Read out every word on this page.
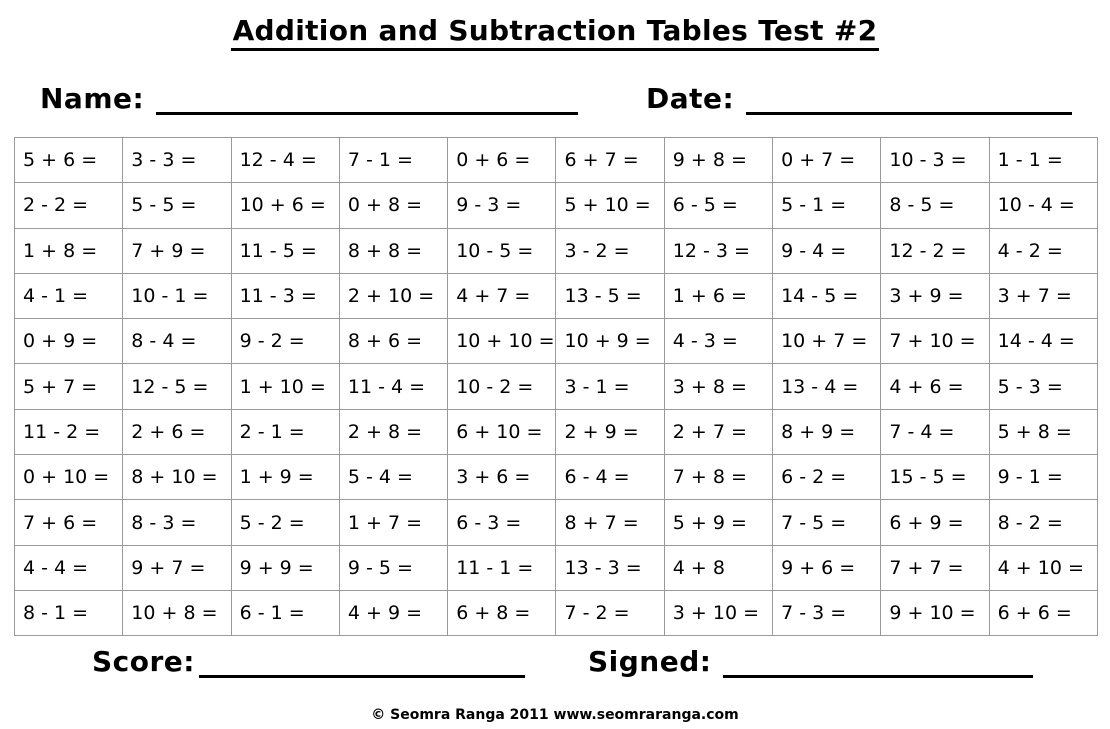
Addition and Subtraction Tables Test #2
Name:	Date:
5 + 6 =	3 - 3 =	12 - 4 =	7 - 1 =	0 + 6 =	6 + 7 =	9 + 8 =	0 + 7 =	10 - 3 =	1 - 1 =
2 - 2 =	5 - 5 =	10 + 6 =	0 + 8 =	9 - 3 =	5 + 10 =	6 - 5 =	5 - 1 =	8 - 5 =	10 - 4 =
1 + 8 =	7 + 9 =	11 - 5 =	8 + 8 =	10 - 5 =	3 - 2 =	12 - 3 =	9 - 4 =	12 - 2 =	4 - 2 =
4 - 1 =	10 - 1 =	11 - 3 =	2 + 10 =	4 + 7 =	13 - 5 =	1 + 6 =	14 - 5 =	3 + 9 =	3 + 7 =
0 + 9 =	8 - 4 =	9 - 2 =	8 + 6 =	10 + 10 =	10 + 9 =	4 - 3 =	10 + 7 =	7 + 10 =	14 - 4 =
5 + 7 =	12 - 5 =	1 + 10 =	11 - 4 =	10 - 2 =	3 - 1 =	3 + 8 =	13 - 4 =	4 + 6 =	5 - 3 =
11 - 2 =	2 + 6 =	2 - 1 =	2 + 8 =	6 + 10 =	2 + 9 =	2 + 7 =	8 + 9 =	7 - 4 =	5 + 8 =
0 + 10 =	8 + 10 =	1 + 9 =	5 - 4 =	3 + 6 =	6 - 4 =	7 + 8 =	6 - 2 =	15 - 5 =	9 - 1 =
7 + 6 =	8 - 3 =	5 - 2 =	1 + 7 =	6 - 3 =	8 + 7 =	5 + 9 =	7 - 5 =	6 + 9 =	8 - 2 =
4 - 4 =	9 + 7 =	9 + 9 =	9 - 5 =	11 - 1 =	13 - 3 =	4 + 8	9 + 6 =	7 + 7 =	4 + 10 =
8 - 1 =	10 + 8 =	6 - 1 =	4 + 9 =	6 + 8 =	7 - 2 =	3 + 10 =	7 - 3 =	9 + 10 =	6 + 6 =
Score:	Signed:
© Seomra Ranga 2011 www.seomraranga.com
